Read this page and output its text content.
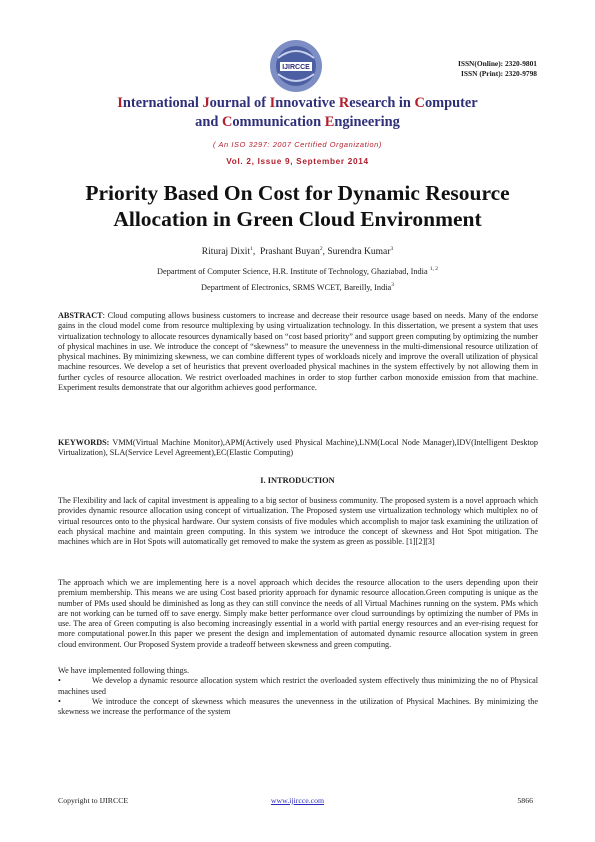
IJIRCCE	ISSN(Online): 2320-9801
ISSN (Print): 2320-9798
International Journal of Innovative Research in Computer
and Communication Engineering
( An ISO 3297: 2007 Certified Organization)
Vol. 2, Issue 9, September 2014
Priority Based On Cost for Dynamic Resource
Allocation in Green Cloud Environment
Rituraj Dixit$^1$,  Prashant Buyan$^2$, Surendra Kumar$^3$
Department of Computer Science, H.R. Institute of Technology, Ghaziabad, India $^{1, 2}$
Department of Electronics, SRMS WCET, Bareilly, India$^3$
ABSTRACT: Cloud computing allows business customers to increase and decrease their resource usage based on needs. Many of the endorse gains in the cloud model come from resource multiplexing by using virtualization technology. In this dissertation, we present a system that uses virtualization technology to allocate resources dynamically based on “cost based priority” and support green computing by optimizing the number of physical machines in use. We introduce the concept of “skewness” to measure the unevenness in the multi-dimensional resource utilization of physical machines. By minimizing skewness, we can combine different types of workloads nicely and improve the overall utilization of physical machine resources. We develop a set of heuristics that prevent overloaded physical machines in the system effectively by not allowing them in further cycles of resource allocation. We restrict overloaded machines in order to stop further carbon monoxide emission from that machine. Experiment results demonstrate that our algorithm achieves good performance.
KEYWORDS: VMM(Virtual Machine Monitor),APM(Actively used Physical Machine),LNM(Local Node Manager),IDV(Intelligent Desktop Virtualization), SLA(Service Level Agreement),EC(Elastic Computing)
I. INTRODUCTION
The Flexibility and lack of capital investment is appealing to a big sector of business community. The proposed system is a novel approach which provides dynamic resource allocation using concept of virtualization. The Proposed system use virtualization technology which multiplex no of virtual resources onto to the physical hardware. Our system consists of five modules which accomplish to major task examining the utilization of each physical machine and maintain green computing. In this system we introduce the concept of skewness and Hot Spot mitigation. The machines which are in Hot Spots will automatically get removed to make the system as green as possible. [1][2][3]
The approach which we are implementing here is a novel approach which decides the resource allocation to the users depending upon their premium membership. This means we are using Cost based priority approach for dynamic resource allocation.Green computing is unique as the number of PMs used should be diminished as long as they can still convince the needs of all Virtual Machines running on the system. PMs which are not working can be turned off to save energy. Simply make better performance over cloud surroundings by optimizing the number of PMs in use. The area of Green computing is also becoming increasingly essential in a world with partial energy resources and an ever-rising request for more computational power.In this paper we present the design and implementation of automated dynamic resource allocation system in green cloud environment. Our Proposed System provide a tradeoff between skewness and green computing.
We have implemented following things.
•	We develop a dynamic resource allocation system which restrict the overloaded system effectively thus minimizing the no of Physical machines used
•	We introduce the concept of skewness which measures the unevenness in the utilization of Physical Machines. By minimizing the skewness we increase the performance of the system
Copyright to IJIRCCE	www.ijircce.com	5866
